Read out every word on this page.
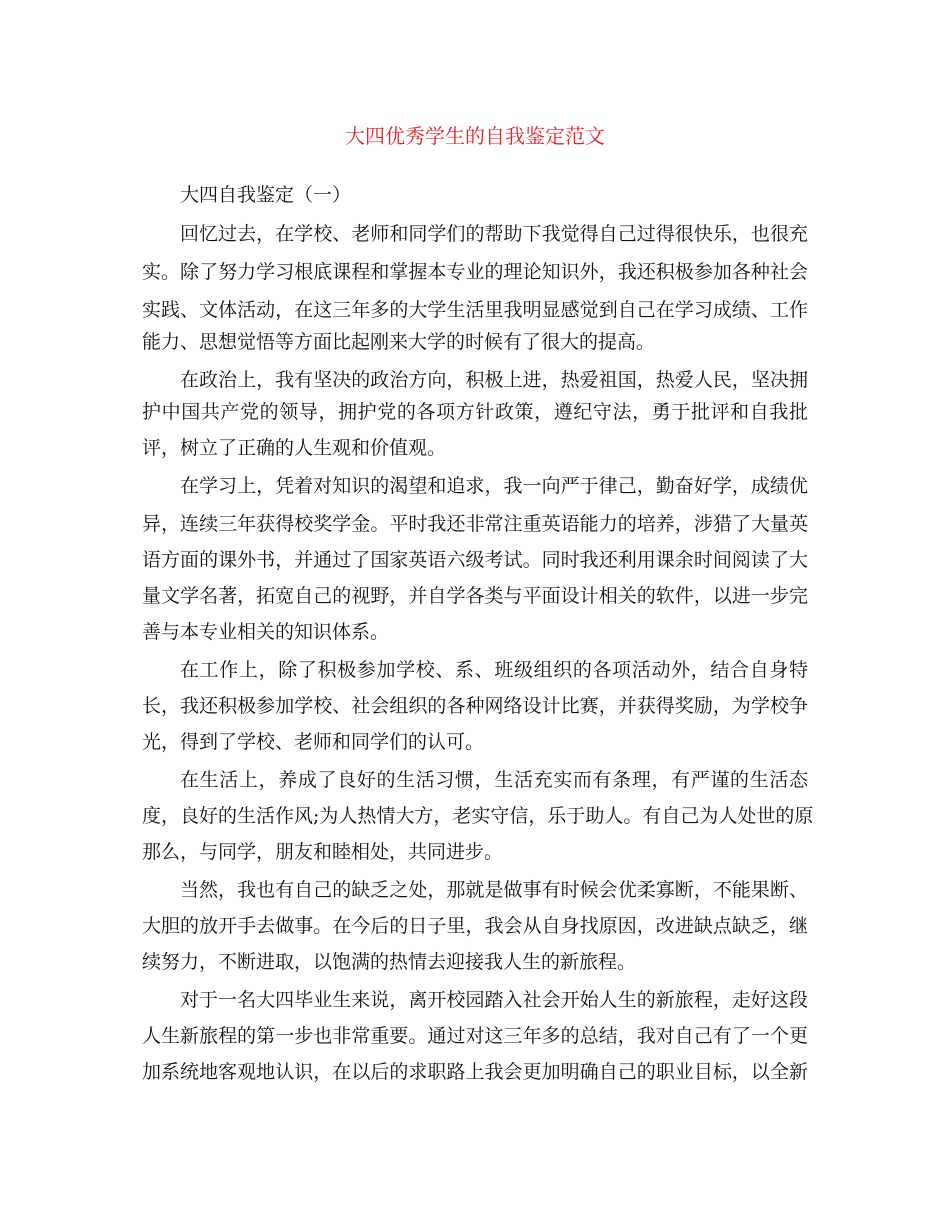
大四优秀学生的自我鉴定范文
大四自我鉴定（一）
回忆过去，在学校、老师和同学们的帮助下我觉得自己过得很快乐，也很充
实。除了努力学习根底课程和掌握本专业的理论知识外，我还积极参加各种社会
实践、文体活动，在这三年多的大学生活里我明显感觉到自己在学习成绩、工作
能力、思想觉悟等方面比起刚来大学的时候有了很大的提高。
在政治上，我有坚决的政治方向，积极上进，热爱祖国，热爱人民，坚决拥
护中国共产党的领导，拥护党的各项方针政策，遵纪守法，勇于批评和自我批
评，树立了正确的人生观和价值观。
在学习上，凭着对知识的渴望和追求，我一向严于律己，勤奋好学，成绩优
异，连续三年获得校奖学金。平时我还非常注重英语能力的培养，涉猎了大量英
语方面的课外书，并通过了国家英语六级考试。同时我还利用课余时间阅读了大
量文学名著，拓宽自己的视野，并自学各类与平面设计相关的软件，以进一步完
善与本专业相关的知识体系。
在工作上，除了积极参加学校、系、班级组织的各项活动外，结合自身特
长，我还积极参加学校、社会组织的各种网络设计比赛，并获得奖励，为学校争
光，得到了学校、老师和同学们的认可。
在生活上，养成了良好的生活习惯，生活充实而有条理，有严谨的生活态
度，良好的生活作风;为人热情大方，老实守信，乐于助人。有自己为人处世的原
那么，与同学，朋友和睦相处，共同进步。
当然，我也有自己的缺乏之处，那就是做事有时候会优柔寡断，不能果断、
大胆的放开手去做事。在今后的日子里，我会从自身找原因，改进缺点缺乏，继
续努力，不断进取，以饱满的热情去迎接我人生的新旅程。
对于一名大四毕业生来说，离开校园踏入社会开始人生的新旅程，走好这段
人生新旅程的第一步也非常重要。通过对这三年多的总结，我对自己有了一个更
加系统地客观地认识，在以后的求职路上我会更加明确自己的职业目标，以全新
